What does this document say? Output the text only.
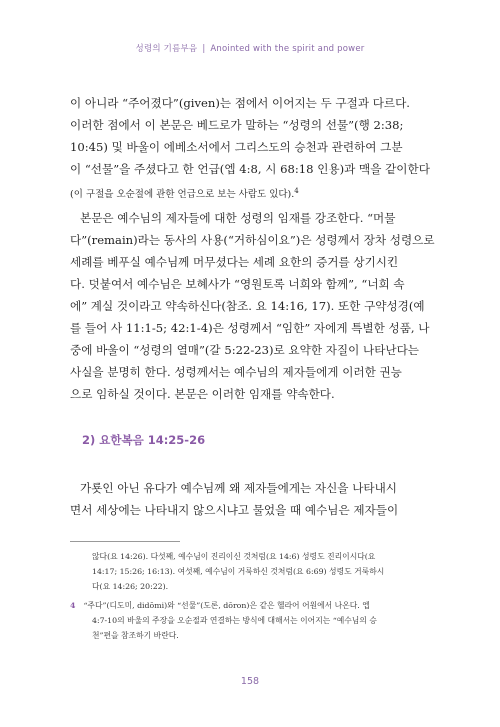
성령의 기름부음 | Anointed with the spirit and power
이 아니라 “주어졌다”(given)는 점에서 이어지는 두 구절과 다르다.
이러한 점에서 이 본문은 베드로가 말하는 “성령의 선물”(행 2:38;
10:45) 및 바울이 에베소서에서 그리스도의 승천과 관련하여 그분
이 “선물”을 주셨다고 한 언급(엡 4:8, 시 68:18 인용)과 맥을 같이한다
(이 구절을 오순절에 관한 언급으로 보는 사람도 있다).$^4$
본문은 예수님의 제자들에 대한 성령의 임재를 강조한다. “머물
다”(remain)라는 동사의 사용(“거하심이요”)은 성령께서 장차 성령으로
세례를 베푸실 예수님께 머무셨다는 세례 요한의 증거를 상기시킨
다. 덧붙여서 예수님은 보혜사가 “영원토록 너희와 함께”, “너희 속
에” 계실 것이라고 약속하신다(참조. 요 14:16, 17). 또한 구약성경(예
를 들어 사 11:1-5; 42:1-4)은 성령께서 “임한” 자에게 특별한 성품, 나
중에 바울이 “성령의 열매”(갈 5:22-23)로 요약한 자질이 나타난다는
사실을 분명히 한다. 성령께서는 예수님의 제자들에게 이러한 권능
으로 임하실 것이다. 본문은 이러한 임재를 약속한다.
2) 요한복음 14:25-26
가룟인 아닌 유다가 예수님께 왜 제자들에게는 자신을 나타내시
면서 세상에는 나타내지 않으시냐고 물었을 때 예수님은 제자들이
않다(요 14:26). 다섯째, 예수님이 진리이신 것처럼(요 14:6) 성령도 진리이시다(요
14:17; 15:26; 16:13). 여섯째, 예수님이 거룩하신 것처럼(요 6:69) 성령도 거룩하시
다(요 14:26; 20:22).
4 “주다”(디도미, didōmi)와 “선물”(도론, dōron)은 같은 헬라어 어원에서 나온다. 엡
4:7-10의 바울의 주장을 오순절과 연결하는 방식에 대해서는 이어지는 “예수님의 승
천”편을 참조하기 바란다.
158
